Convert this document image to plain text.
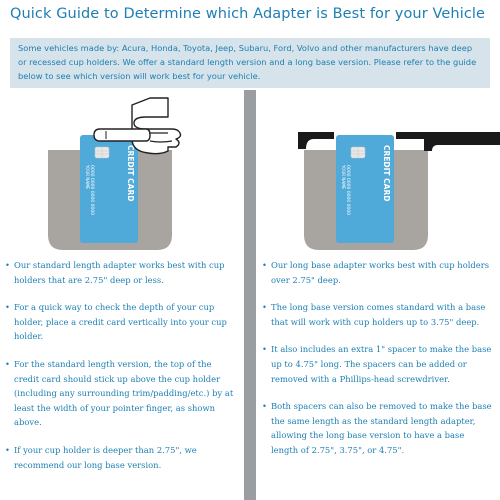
Quick Guide to Determine which Adapter is Best for your Vehicle
Some vehicles made by: Acura, Honda, Toyota, Jeep, Subaru, Ford, Volvo and other manufacturers have deep or recessed cup holders. We offer a standard length version and a long base version. Please refer to the guide below to see which version will work best for your vehicle.
CREDIT CARD
0000 0000 0000 0000
YOUR NAME	CREDIT CARD
0000 0000 0000 0000
YOUR NAME
• Our standard length adapter works best with cup holders that are 2.75" deep or less.
• For a quick way to check the depth of your cup holder, place a credit card vertically into your cup holder.
• For the standard length version, the top of the credit card should stick up above the cup holder (including any surrounding trim/padding/etc.) by at least the width of your pointer finger, as shown above.
• If your cup holder is deeper than 2.75", we recommend our long base version.
• Our long base adapter works best with cup holders over 2.75" deep.
• The long base version comes standard with a base that will work with cup holders up to 3.75" deep.
• It also includes an extra 1" spacer to make the base up to 4.75" long. The spacers can be added or removed with a Phillips-head screwdriver.
• Both spacers can also be removed to make the base the same length as the standard length adapter, allowing the long base version to have a base length of 2.75", 3.75", or 4.75".
